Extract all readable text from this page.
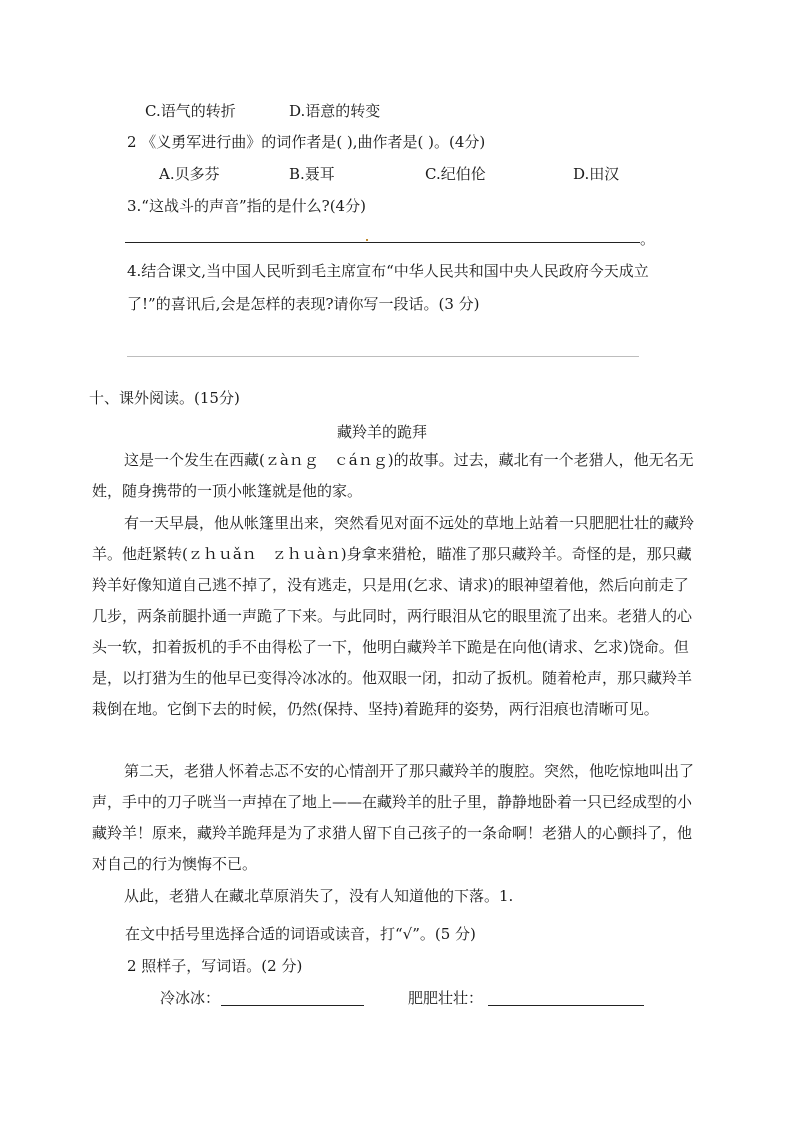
C.语气的转折	D.语意的转变
2 《义勇军进行曲》的词作者是( ),曲作者是( )。(4分)
A.贝多芬	B.聂耳	C.纪伯伦	D.田汉
3.“这战斗的声音”指的是什么?(4分)
。
4.结合课文,当中国人民听到毛主席宣布“中华人民共和国中央人民政府今天成立
了!”的喜讯后,会是怎样的表现?请你写一段话。(3 分)
十、课外阅读。(15分)
藏羚羊的跪拜
这是一个发生在西藏(ｚàｎｇ　ｃáｎｇ)的故事。过去，藏北有一个老猎人，他无名无姓，随身携带的一顶小帐篷就是他的家。
有一天早晨，他从帐篷里出来，突然看见对面不远处的草地上站着一只肥肥壮壮的藏羚羊。他赶紧转(ｚｈｕǎｎ　ｚｈｕàｎ)身拿来猎枪，瞄准了那只藏羚羊。奇怪的是，那只藏羚羊好像知道自己逃不掉了，没有逃走，只是用(乞求、请求)的眼神望着他，然后向前走了几步，两条前腿扑通一声跪了下来。与此同时，两行眼泪从它的眼里流了出来。老猎人的心头一软，扣着扳机的手不由得松了一下，他明白藏羚羊下跪是在向他(请求、乞求)饶命。但是，以打猎为生的他早已变得冷冰冰的。他双眼一闭，扣动了扳机。随着枪声，那只藏羚羊栽倒在地。它倒下去的时候，仍然(保持、坚持)着跪拜的姿势，两行泪痕也清晰可见。
第二天，老猎人怀着忐忑不安的心情剖开了那只藏羚羊的腹腔。突然，他吃惊地叫出了声，手中的刀子咣当一声掉在了地上——在藏羚羊的肚子里，静静地卧着一只已经成型的小藏羚羊！原来，藏羚羊跪拜是为了求猎人留下自己孩子的一条命啊！老猎人的心颤抖了，他对自己的行为懊悔不已。
从此，老猎人在藏北草原消失了，没有人知道他的下落。1.
在文中括号里选择合适的词语或读音，打“√”。(5 分)
2 照样子，写词语。(2 分)
冷冰冰：	肥肥壮壮：
